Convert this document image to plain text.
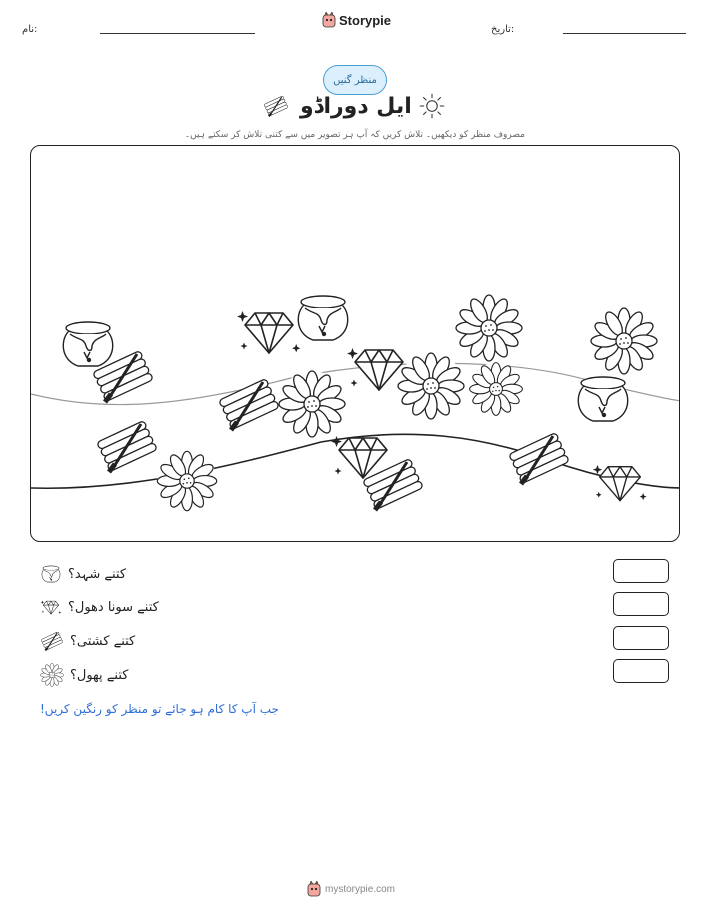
نام:
Storypie
تاریخ:
منظر گنیں
ایل دوراڈو
مصروف منظر کو دیکھیں۔ تلاش کریں کہ آپ ہر تصویر میں سے کتنی تلاش کر سکتے ہیں۔
کتنے شہد؟
کتنے سونا دھول؟
کتنے کشتی؟
کتنے پھول؟
جب آپ کا کام ہو جائے تو منظر کو رنگین کریں!
mystorypie.com
